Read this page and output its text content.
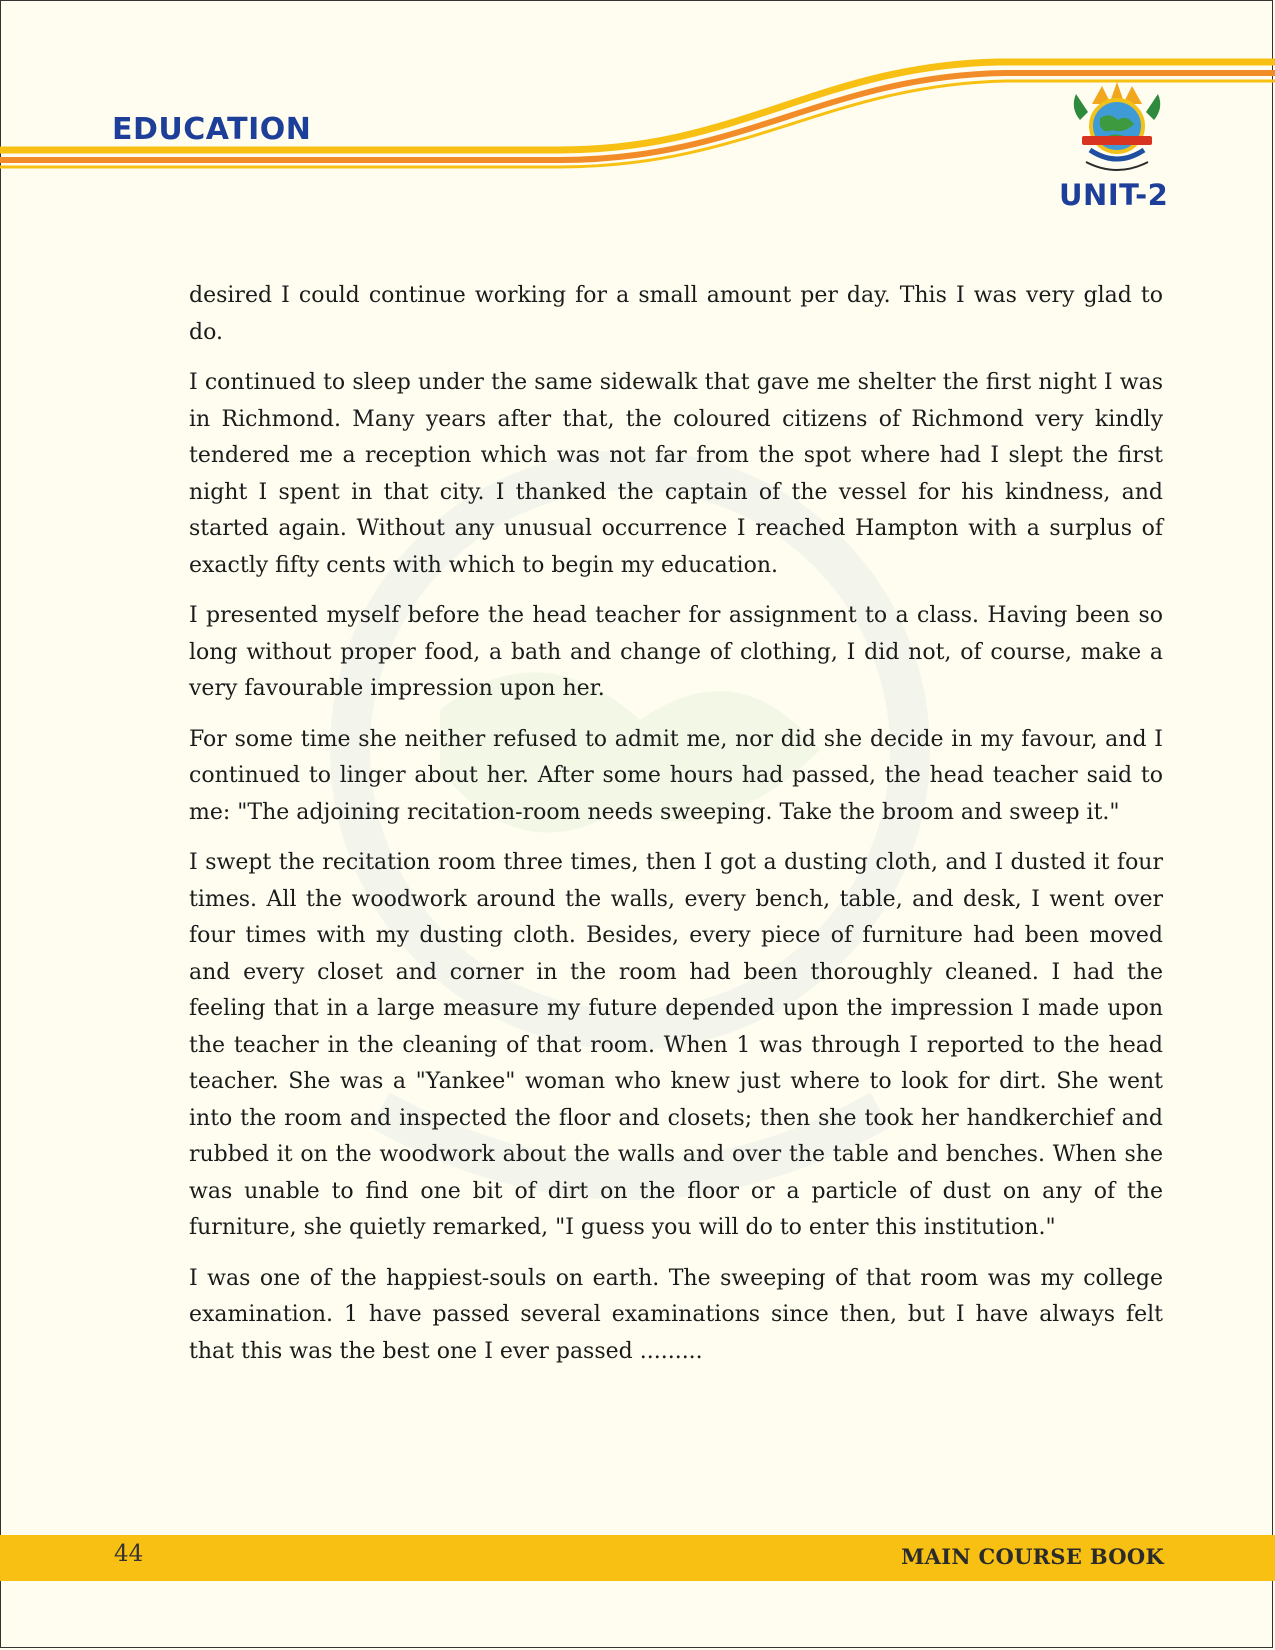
EDUCATION
UNIT-2

desired I could continue working for a small amount per day. This I was very glad to do.

I continued to sleep under the same sidewalk that gave me shelter the first night I was in Richmond. Many years after that, the coloured citizens of Richmond very kindly tendered me a reception which was not far from the spot where had I slept the first night I spent in that city. I thanked the captain of the vessel for his kindness, and started again. Without any unusual occurrence I reached Hampton with a surplus of exactly fifty cents with which to begin my education.

I presented myself before the head teacher for assignment to a class. Having been so long without proper food, a bath and change of clothing, I did not, of course, make a very favourable impression upon her.

For some time she neither refused to admit me, nor did she decide in my favour, and I continued to linger about her. After some hours had passed, the head teacher said to me: "The adjoining recitation-room needs sweeping. Take the broom and sweep it."

I swept the recitation room three times, then I got a dusting cloth, and I dusted it four times. All the woodwork around the walls, every bench, table, and desk, I went over four times with my dusting cloth. Besides, every piece of furniture had been moved and every closet and corner in the room had been thoroughly cleaned. I had the feeling that in a large measure my future depended upon the impression I made upon the teacher in the cleaning of that room. When 1 was through I reported to the head teacher. She was a "Yankee" woman who knew just where to look for dirt. She went into the room and inspected the floor and closets; then she took her handkerchief and rubbed it on the woodwork about the walls and over the table and benches. When she was unable to find one bit of dirt on the floor or a particle of dust on any of the furniture, she quietly remarked, "I guess you will do to enter this institution."

I was one of the happiest-souls on earth. The sweeping of that room was my college examination. 1 have passed several examinations since then, but I have always felt that this was the best one I ever passed .........

44	MAIN COURSE BOOK
